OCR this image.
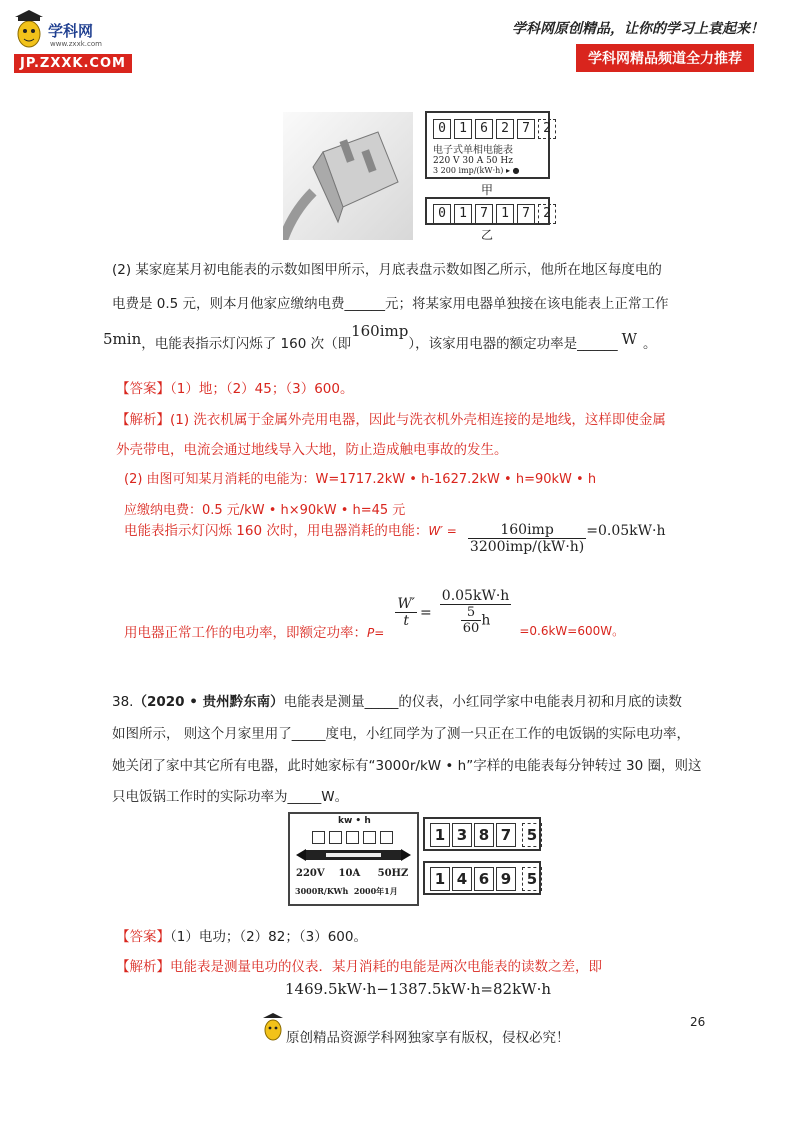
学科网
www.zxxk.com
JP.ZXXK.COM
学科网原创精品，让你的学习上袁起来！
学科网精品频道全力推荐
0 1 6 2 7 2
电子式单相电能表
220 V 30 A 50 Hz
3 200 imp/(kW·h) ▸ ●
甲
0 1 7 1 7 2
乙
(2) 某家庭某月初电能表的示数如图甲所示，月底表盘示数如图乙所示，他所在地区每度电的
电费是 0.5 元，则本月他家应缴纳电费______元；将某家用电器单独接在该电能表上正常工作
$5\min_{,电能表指示灯闪烁了 160 次(即}160imp_{),该家用电器的额定功率是\_\_\_\_\_\_}$ W $_。$
【答案】（1）地；（2）45；（3）600。
【解析】(1) 洗衣机属于金属外壳用电器，因此与洗衣机外壳相连接的是地线，这样即使金属
外壳带电，电流会通过地线导入大地，防止造成触电事故的发生。
(2) 由图可知某月消耗的电能为：W=1717.2kW • h-1627.2kW • h=90kW • h
应缴纳电费：0.5 元/kW • h×90kW • h=45 元
$^{电能表指示灯闪烁 160 次时,用电器消耗的电能:W' =} \frac{\text{160imp}}{\text{3200imp/(kW·h)}} =0.05kW\cdot h$
$_{用电器正常工作的电功率,即额定功率:P=}$
$\frac{W'}{t} = \frac{0.05kW\cdot h}{\frac{5}{60} h} _{=0.6kW=600W。}$
38.（2020 • 贵州黔东南）电能表是测量_____的仪表，小红同学家中电能表月初和月底的读数
如图所示， 则这个月家里用了_____度电，小红同学为了测一只正在工作的电饭锅的实际电功率，
她关闭了家中其它所有电器，此时她家标有“3000r/kW • h”字样的电能表每分钟转过 30 圈，则这
只电饭锅工作时的实际功率为_____W。
kw • h
220V    10A     50HZ
3000R/KWh  2000年1月
1 3 8 7 5
1 4 6 9 5
【答案】（1）电功；（2）82；（3）600。
【解析】电能表是测量电功的仪表．某月消耗的电能是两次电能表的读数之差，即
1469.5kW·h−1387.5kW·h=82kW·h
26
原创精品资源学科网独家享有版权，侵权必究！
